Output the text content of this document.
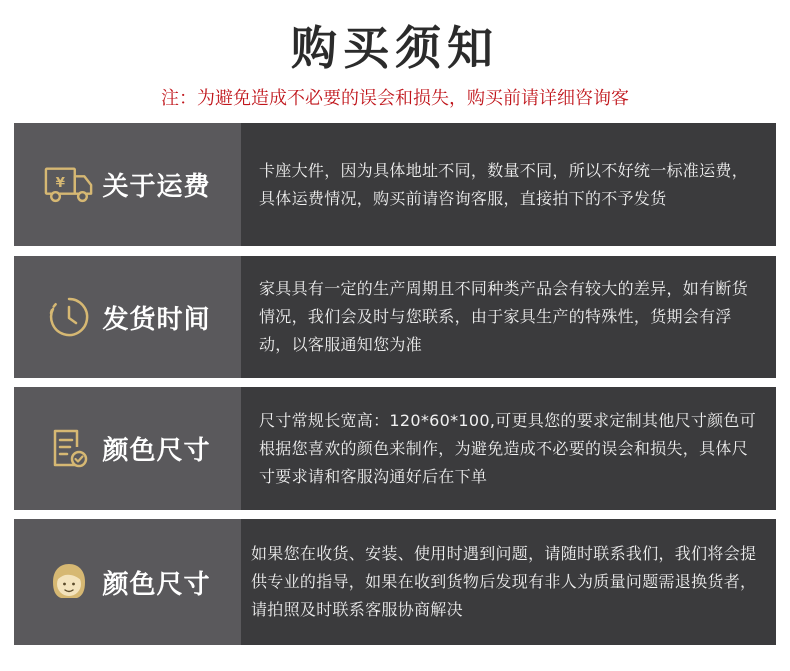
购买须知
注：为避免造成不必要的误会和损失，购买前请详细咨询客
¥ 关于运费
卡座大件，因为具体地址不同，数量不同，所以不好统一标准运费，具体运费情况，购买前请咨询客服，直接拍下的不予发货
发货时间
家具具有一定的生产周期且不同种类产品会有较大的差异，如有断货情况，我们会及时与您联系，由于家具生产的特殊性，货期会有浮动，以客服通知您为准
颜色尺寸
尺寸常规长宽高：120*60*100,可更具您的要求定制其他尺寸颜色可根据您喜欢的颜色来制作，为避免造成不必要的误会和损失，具体尺寸要求请和客服沟通好后在下单
颜色尺寸
如果您在收货、安装、使用时遇到问题，请随时联系我们，我们将会提供专业的指导，如果在收到货物后发现有非人为质量问题需退换货者，请拍照及时联系客服协商解决
